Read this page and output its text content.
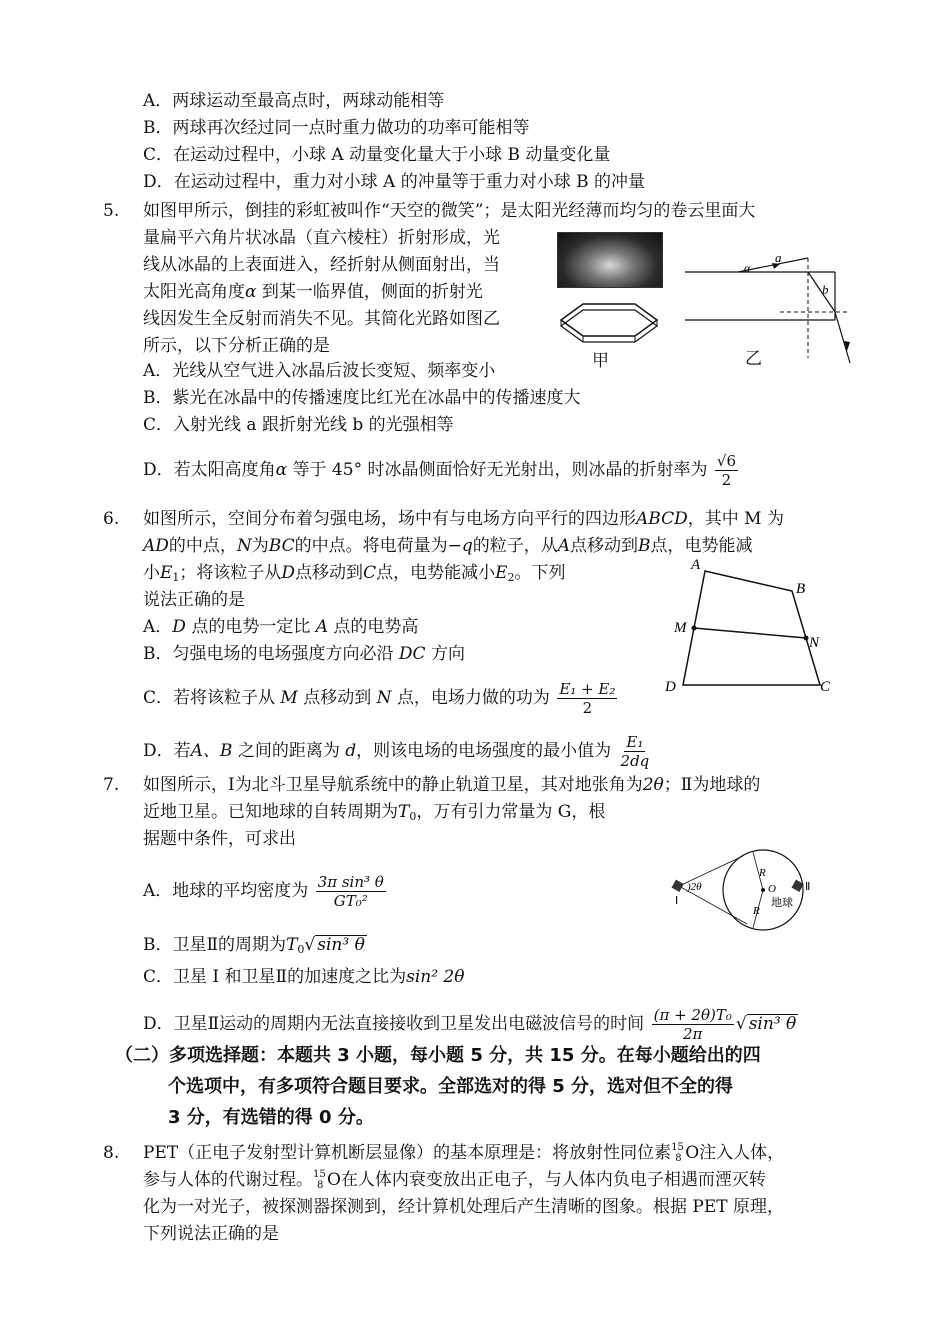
A．两球运动至最高点时，两球动能相等
B．两球再次经过同一点时重力做功的功率可能相等
C．在运动过程中，小球 A 动量变化量大于小球 B 动量变化量
D．在运动过程中，重力对小球 A 的冲量等于重力对小球 B 的冲量
5. 如图甲所示，倒挂的彩虹被叫作“天空的微笑”；是太阳光经薄而均匀的卷云里面大
量扁平六角片状冰晶（直六棱柱）折射形成，光
线从冰晶的上表面进入，经折射从侧面射出，当
太阳光高角度α 到某一临界值，侧面的折射光
线因发生全反射而消失不见。其简化光路如图乙
所示，以下分析正确的是
A．光线从空气进入冰晶后波长变短、频率变小
B．紫光在冰晶中的传播速度比红光在冰晶中的传播速度大
C．入射光线 a 跟折射光线 b 的光强相等
D．若太阳高度角α 等于 45° 时冰晶侧面恰好无光射出，则冰晶的折射率为 $\frac{√6}{2}$
甲
α
a
b
乙
6. 如图所示，空间分布着匀强电场，场中有与电场方向平行的四边形ABCD，其中 M 为
AD的中点，N为BC的中点。将电荷量为−q的粒子，从A点移动到B点，电势能减
小$E_1$；将该粒子从D点移动到C点，电势能减小$E_2$。下列
说法正确的是
A．D 点的电势一定比 A 点的电势高
B．匀强电场的电场强度方向必沿 DC 方向
C．若将该粒子从 M 点移动到 N 点，电场力做的功为 $\frac{\text{E₁ + E₂}}{2}$
D．若A、B 之间的距离为 d，则该电场的电场强度的最小值为 $\frac{\text{E₁}}{2dq}$
A
B
C
D
M
N
7. 如图所示，Ⅰ为北斗卫星导航系统中的静止轨道卫星，其对地张角为2θ；Ⅱ为地球的
近地卫星。已知地球的自转周期为$T_0$，万有引力常量为 G，根
据题中条件，可求出
A．地球的平均密度为 $\frac{\text{3π sin³ θ}}{\text{GT₀²}}$
B．卫星Ⅱ的周期为$T_0√$ sin³ θ
C．卫星 I 和卫星Ⅱ的加速度之比为sin² 2θ
D．卫星Ⅱ运动的周期内无法直接接收到卫星发出电磁波信号的时间 $\frac{\text{(π + 2θ)T₀}}{2\pi}$ √ sin³ θ
)2θ
Ⅰ
Ⅱ
R
R
O
地球
（二）多项选择题：本题共 3 小题，每小题 5 分，共 15 分。在每小题给出的四
个选项中，有多项符合题目要求。全部选对的得 5 分，选对但不全的得
3 分，有选错的得 0 分。
8. PET（正电子发射型计算机断层显像）的基本原理是：将放射性同位素 15
8 O注入人体，
参与人体的代谢过程。 15
8 O在人体内衰变放出正电子，与人体内负电子相遇而湮灭转
化为一对光子，被探测器探测到，经计算机处理后产生清晰的图象。根据 PET 原理，
下列说法正确的是
